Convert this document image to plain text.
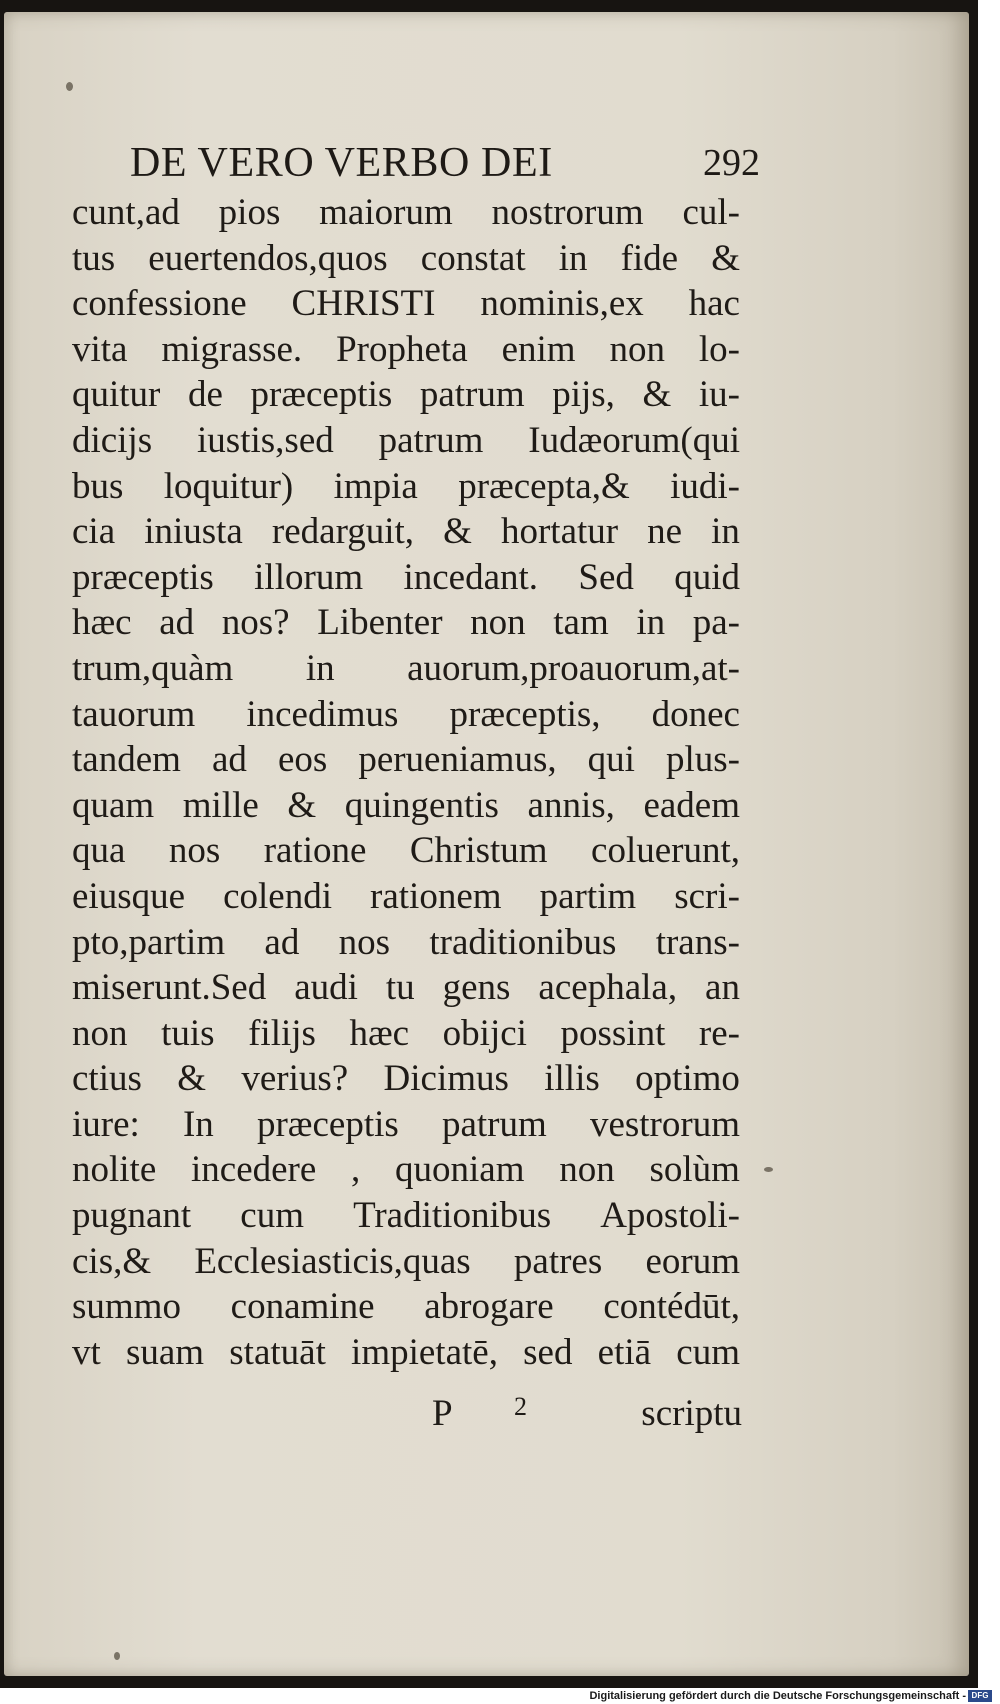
DE VERO VERBO DEI	292
cunt,ad pios maiorum nostrorum cul-
tus euertendos,quos constat in fide &
confessione CHRISTI nominis,ex hac
vita migrasse. Propheta enim non lo-
quitur de præceptis patrum pijs, & iu-
dicijs iustis,sed patrum Iudæorum(qui
bus loquitur) impia præcepta,& iudi-
cia iniusta redarguit, & hortatur ne in
præceptis illorum incedant. Sed quid
hæc ad nos? Libenter non tam in pa-
trum,quàm in auorum,proauorum,at-
tauorum incedimus præceptis, donec
tandem ad eos perueniamus, qui plus-
quam mille & quingentis annis, eadem
qua nos ratione Christum coluerunt,
eiusque colendi rationem partim scri-
pto,partim ad nos traditionibus trans-
miserunt.Sed audi tu gens acephala, an
non tuis filijs hæc obijci possint re-
ctius & verius? Dicimus illis optimo
iure: In præceptis patrum vestrorum
nolite incedere , quoniam non solùm
pugnant cum Traditionibus Apostoli-
cis,& Ecclesiasticis,quas patres eorum
summo conamine abrogare contédūt,
vt suam statuāt impietatē, sed etiā cum
P 2	scriptu
Digitalisierung gefördert durch die Deutsche Forschungsgemeinschaft - DFG
